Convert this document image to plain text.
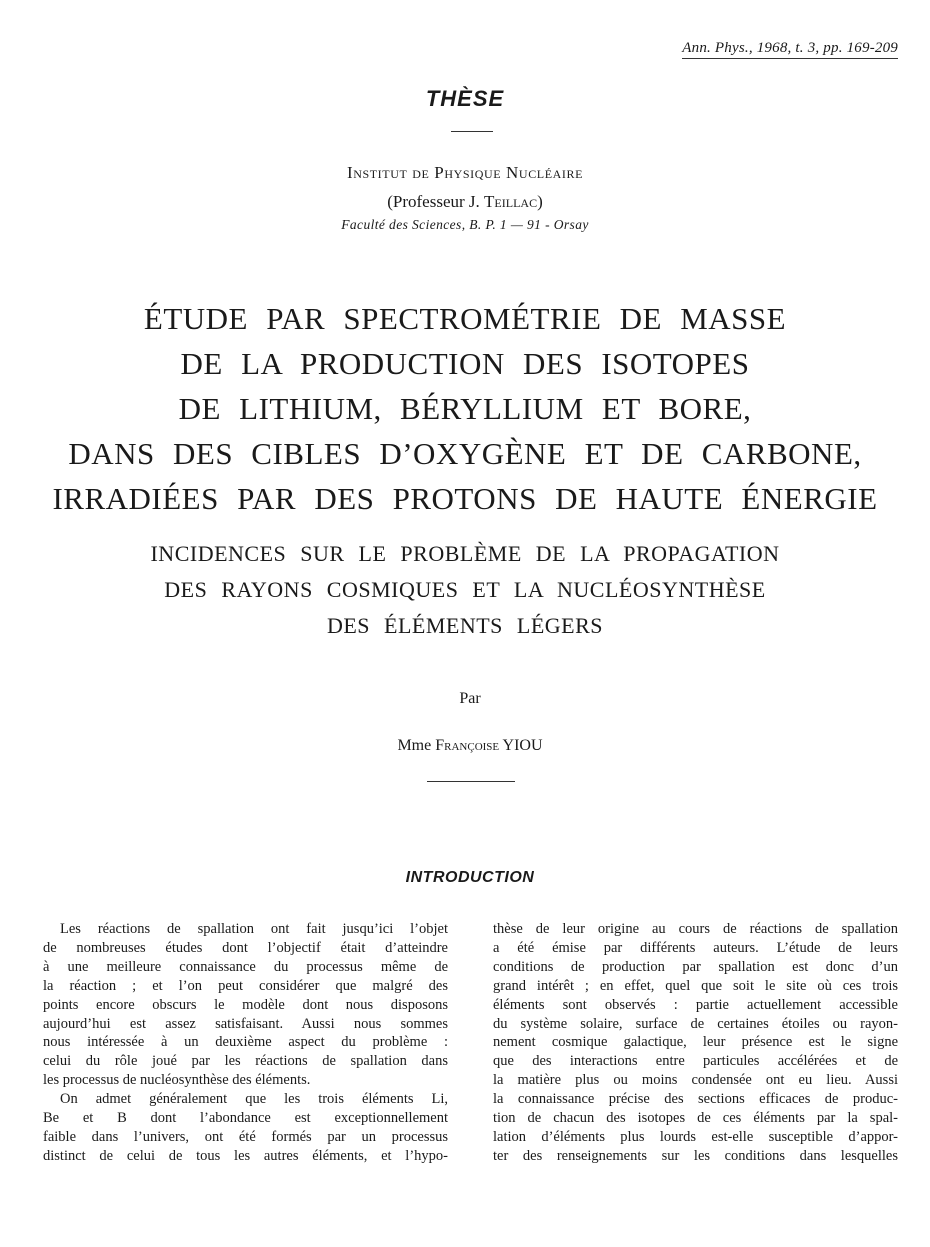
Ann. Phys., 1968, t. 3, pp. 169-209
THÈSE
Institut de Physique Nucléaire
(Professeur J. Teillac)
Faculté des Sciences, B. P. 1 — 91 - Orsay
ÉTUDE PAR SPECTROMÉTRIE DE MASSE
DE LA PRODUCTION DES ISOTOPES
DE LITHIUM, BÉRYLLIUM ET BORE,
DANS DES CIBLES D’OXYGÈNE ET DE CARBONE,
IRRADIÉES PAR DES PROTONS DE HAUTE ÉNERGIE
INCIDENCES SUR LE PROBLÈME DE LA PROPAGATION
DES RAYONS COSMIQUES ET LA NUCLÉOSYNTHÈSE
DES ÉLÉMENTS LÉGERS
Par
Mme Françoise YIOU
INTRODUCTION
Les réactions de spallation ont fait jusqu’ici l’objet
de nombreuses études dont l’objectif était d’atteindre
à une meilleure connaissance du processus même de
la réaction ; et l’on peut considérer que malgré des
points encore obscurs le modèle dont nous disposons
aujourd’hui est assez satisfaisant. Aussi nous sommes
nous intéressée à un deuxième aspect du problème :
celui du rôle joué par les réactions de spallation dans
les processus de nucléosynthèse des éléments.
On admet généralement que les trois éléments Li,
Be et B dont l’abondance est exceptionnellement
faible dans l’univers, ont été formés par un processus
distinct de celui de tous les autres éléments, et l’hypo-
thèse de leur origine au cours de réactions de spallation
a été émise par différents auteurs. L’étude de leurs
conditions de production par spallation est donc d’un
grand intérêt ; en effet, quel que soit le site où ces trois
éléments sont observés : partie actuellement accessible
du système solaire, surface de certaines étoiles ou rayon-
nement cosmique galactique, leur présence est le signe
que des interactions entre particules accélérées et de
la matière plus ou moins condensée ont eu lieu. Aussi
la connaissance précise des sections efficaces de produc-
tion de chacun des isotopes de ces éléments par la spal-
lation d’éléments plus lourds est-elle susceptible d’appor-
ter des renseignements sur les conditions dans lesquelles
